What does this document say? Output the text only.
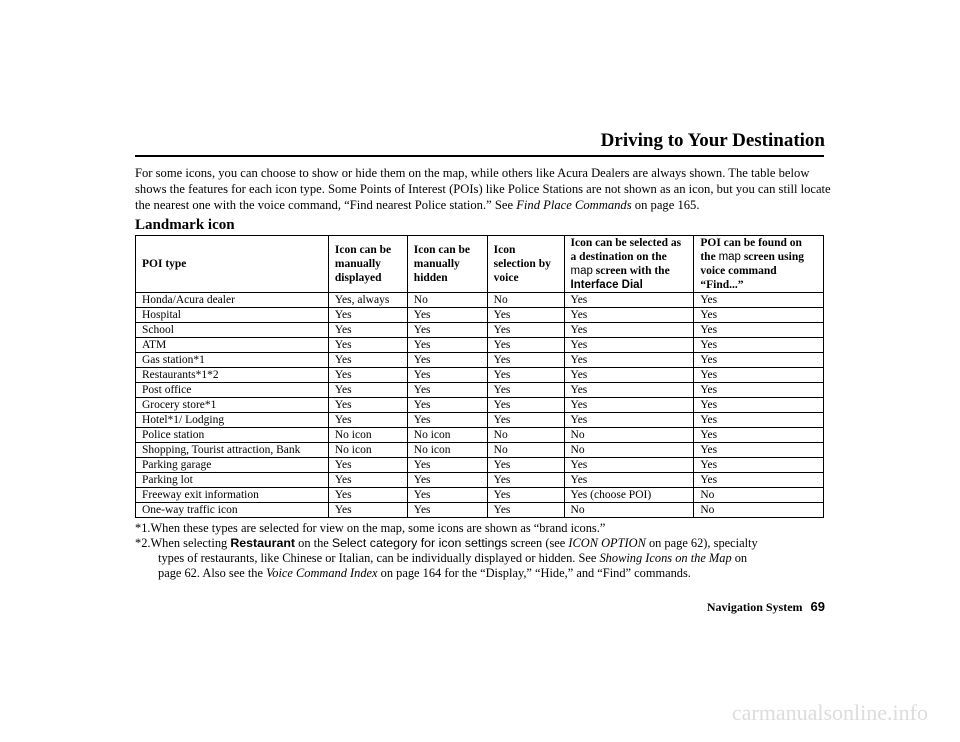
Driving to Your Destination

For some icons, you can choose to show or hide them on the map, while others like Acura Dealers are always shown. The table below shows the features for each icon type. Some Points of Interest (POIs) like Police Stations are not shown as an icon, but you can still locate the nearest one with the voice command, “Find nearest Police station.” See Find Place Commands on page 165.

Landmark icon
POI type	Icon can be manually displayed	Icon can be manually hidden	Icon selection by voice	Icon can be selected as a destination on the map screen with the Interface Dial	POI can be found on the map screen using voice command “Find...”
Honda/Acura dealer	Yes, always	No	No	Yes	Yes
Hospital	Yes	Yes	Yes	Yes	Yes
School	Yes	Yes	Yes	Yes	Yes
ATM	Yes	Yes	Yes	Yes	Yes
Gas station*1	Yes	Yes	Yes	Yes	Yes
Restaurants*1*2	Yes	Yes	Yes	Yes	Yes
Post office	Yes	Yes	Yes	Yes	Yes
Grocery store*1	Yes	Yes	Yes	Yes	Yes
Hotel*1/ Lodging	Yes	Yes	Yes	Yes	Yes
Police station	No icon	No icon	No	No	Yes
Shopping, Tourist attraction, Bank	No icon	No icon	No	No	Yes
Parking garage	Yes	Yes	Yes	Yes	Yes
Parking lot	Yes	Yes	Yes	Yes	Yes
Freeway exit information	Yes	Yes	Yes	Yes (choose POI)	No
One-way traffic icon	Yes	Yes	Yes	No	No

*1.When these types are selected for view on the map, some icons are shown as “brand icons.”

*2.When selecting Restaurant on the Select category for icon settings screen (see ICON OPTION on page 62), specialty

types of restaurants, like Chinese or Italian, can be individually displayed or hidden. See Showing Icons on the Map on

page 62. Also see the Voice Command Index on page 164 for the “Display,” “Hide,” and “Find” commands.

Navigation System 69
carmanualsonline.info
